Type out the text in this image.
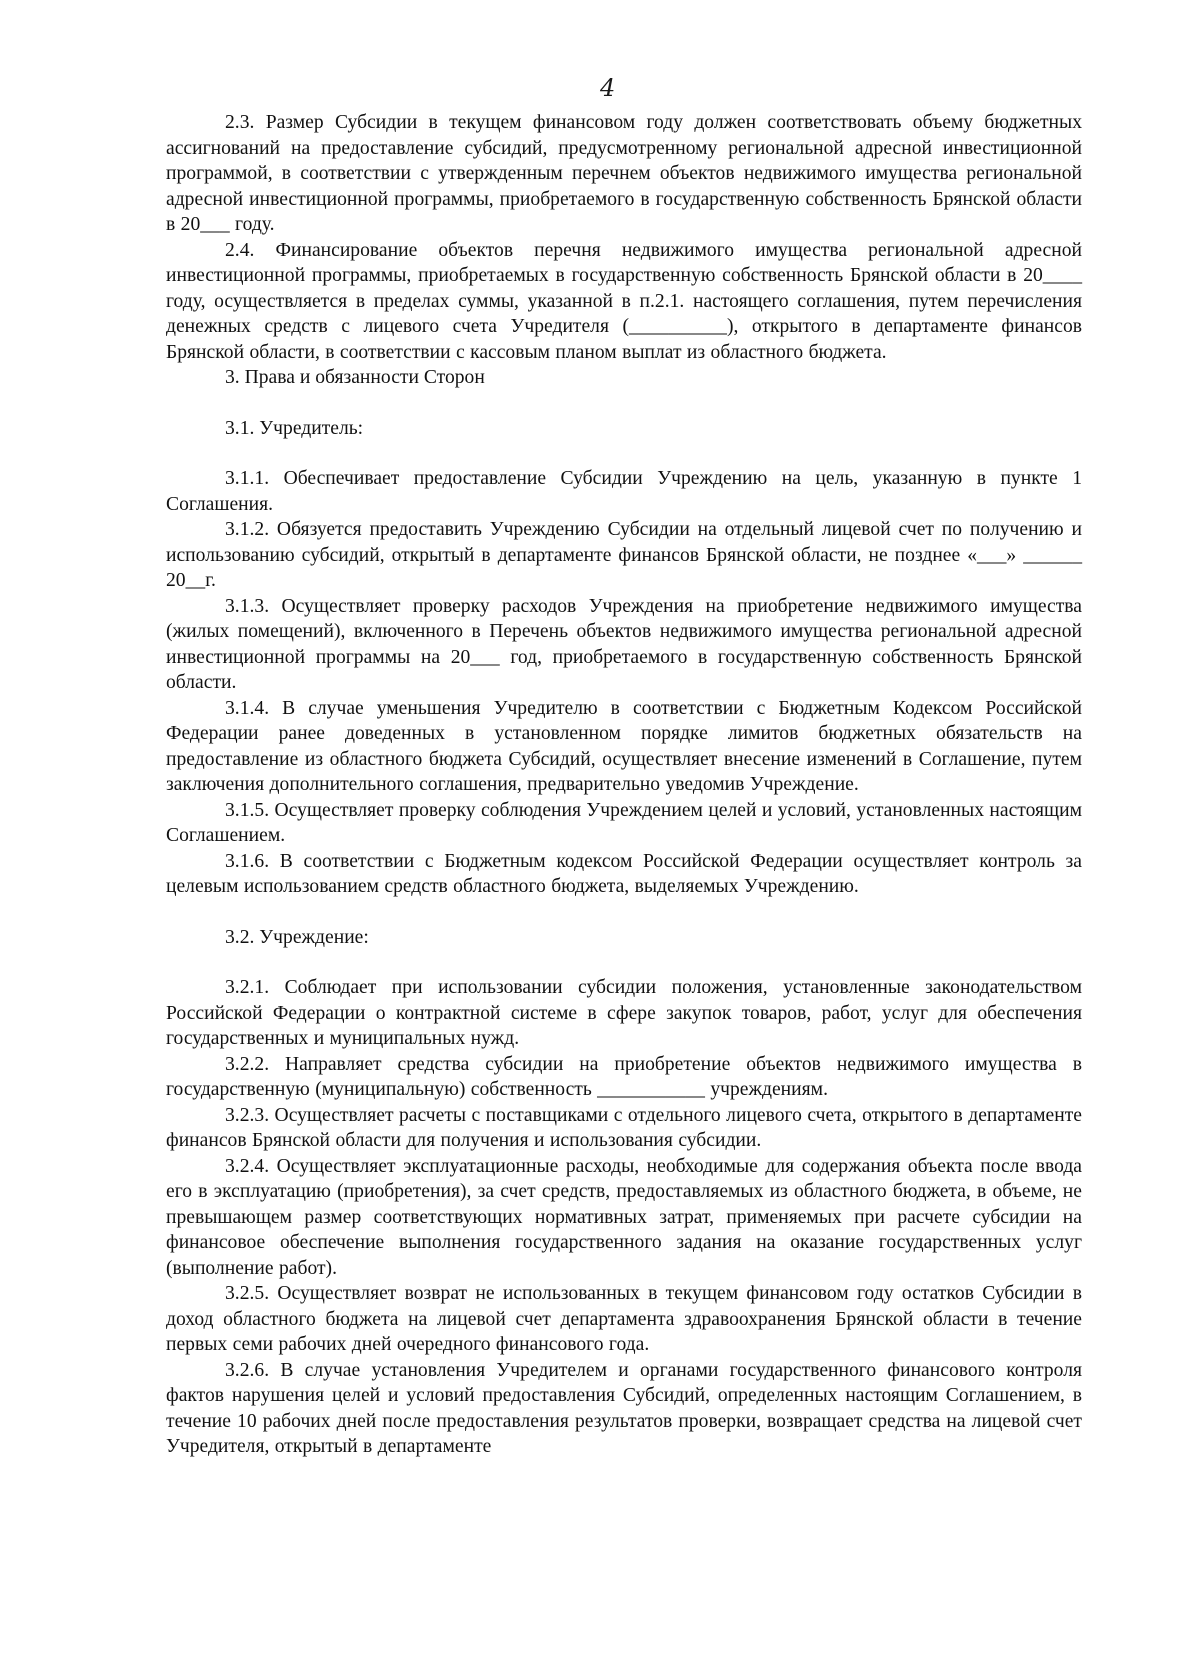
4

2.3. Размер Субсидии в текущем финансовом году должен соответствовать объему бюджетных ассигнований на предоставление субсидий, предусмотренному региональной адресной инвестиционной программой, в соответствии с утвержденным перечнем объектов недвижимого имущества региональной адресной инвестиционной программы, приобретаемого в государственную собственность Брянской области в 20___ году.

2.4. Финансирование объектов перечня недвижимого имущества региональной адресной инвестиционной программы, приобретаемых в государственную собственность Брянской области в 20____ году, осуществляется в пределах суммы, указанной в п.2.1. настоящего соглашения, путем перечисления денежных средств с лицевого счета Учредителя (__________), открытого в департаменте финансов Брянской области, в соответствии с кассовым планом выплат из областного бюджета.

3. Права и обязанности Сторон

3.1. Учредитель:

3.1.1. Обеспечивает предоставление Субсидии Учреждению на цель, указанную в пункте 1 Соглашения.

3.1.2. Обязуется предоставить Учреждению Субсидии на отдельный лицевой счет по получению и использованию субсидий, открытый в департаменте финансов Брянской области, не позднее «___» ______ 20__г.

3.1.3. Осуществляет проверку расходов Учреждения на приобретение недвижимого имущества (жилых помещений), включенного в Перечень объектов недвижимого имущества региональной адресной инвестиционной программы на 20___ год, приобретаемого в государственную собственность Брянской области.

3.1.4. В случае уменьшения Учредителю в соответствии с Бюджетным Кодексом Российской Федерации ранее доведенных в установленном порядке лимитов бюджетных обязательств на предоставление из областного бюджета Субсидий, осуществляет внесение изменений в Соглашение, путем заключения дополнительного соглашения, предварительно уведомив Учреждение.

3.1.5. Осуществляет проверку соблюдения Учреждением целей и условий, установленных настоящим Соглашением.

3.1.6. В соответствии с Бюджетным кодексом Российской Федерации осуществляет контроль за целевым использованием средств областного бюджета, выделяемых Учреждению.

3.2. Учреждение:

3.2.1. Соблюдает при использовании субсидии положения, установленные законодательством Российской Федерации о контрактной системе в сфере закупок товаров, работ, услуг для обеспечения государственных и муниципальных нужд.

3.2.2. Направляет средства субсидии на приобретение объектов недвижимого имущества в государственную (муниципальную) собственность ___________ учреждениям.

3.2.3. Осуществляет расчеты с поставщиками с отдельного лицевого счета, открытого в департаменте финансов Брянской области для получения и использования субсидии.

3.2.4. Осуществляет эксплуатационные расходы, необходимые для содержания объекта после ввода его в эксплуатацию (приобретения), за счет средств, предоставляемых из областного бюджета, в объеме, не превышающем размер соответствующих нормативных затрат, применяемых при расчете субсидии на финансовое обеспечение выполнения государственного задания на оказание государственных услуг (выполнение работ).

3.2.5. Осуществляет возврат не использованных в текущем финансовом году остатков Субсидии в доход областного бюджета на лицевой счет департамента здравоохранения Брянской области в течение первых семи рабочих дней очередного финансового года.

3.2.6. В случае установления Учредителем и органами государственного финансового контроля фактов нарушения целей и условий предоставления Субсидий, определенных настоящим Соглашением, в течение 10 рабочих дней после предоставления результатов проверки, возвращает средства на лицевой счет Учредителя, открытый в департаменте
